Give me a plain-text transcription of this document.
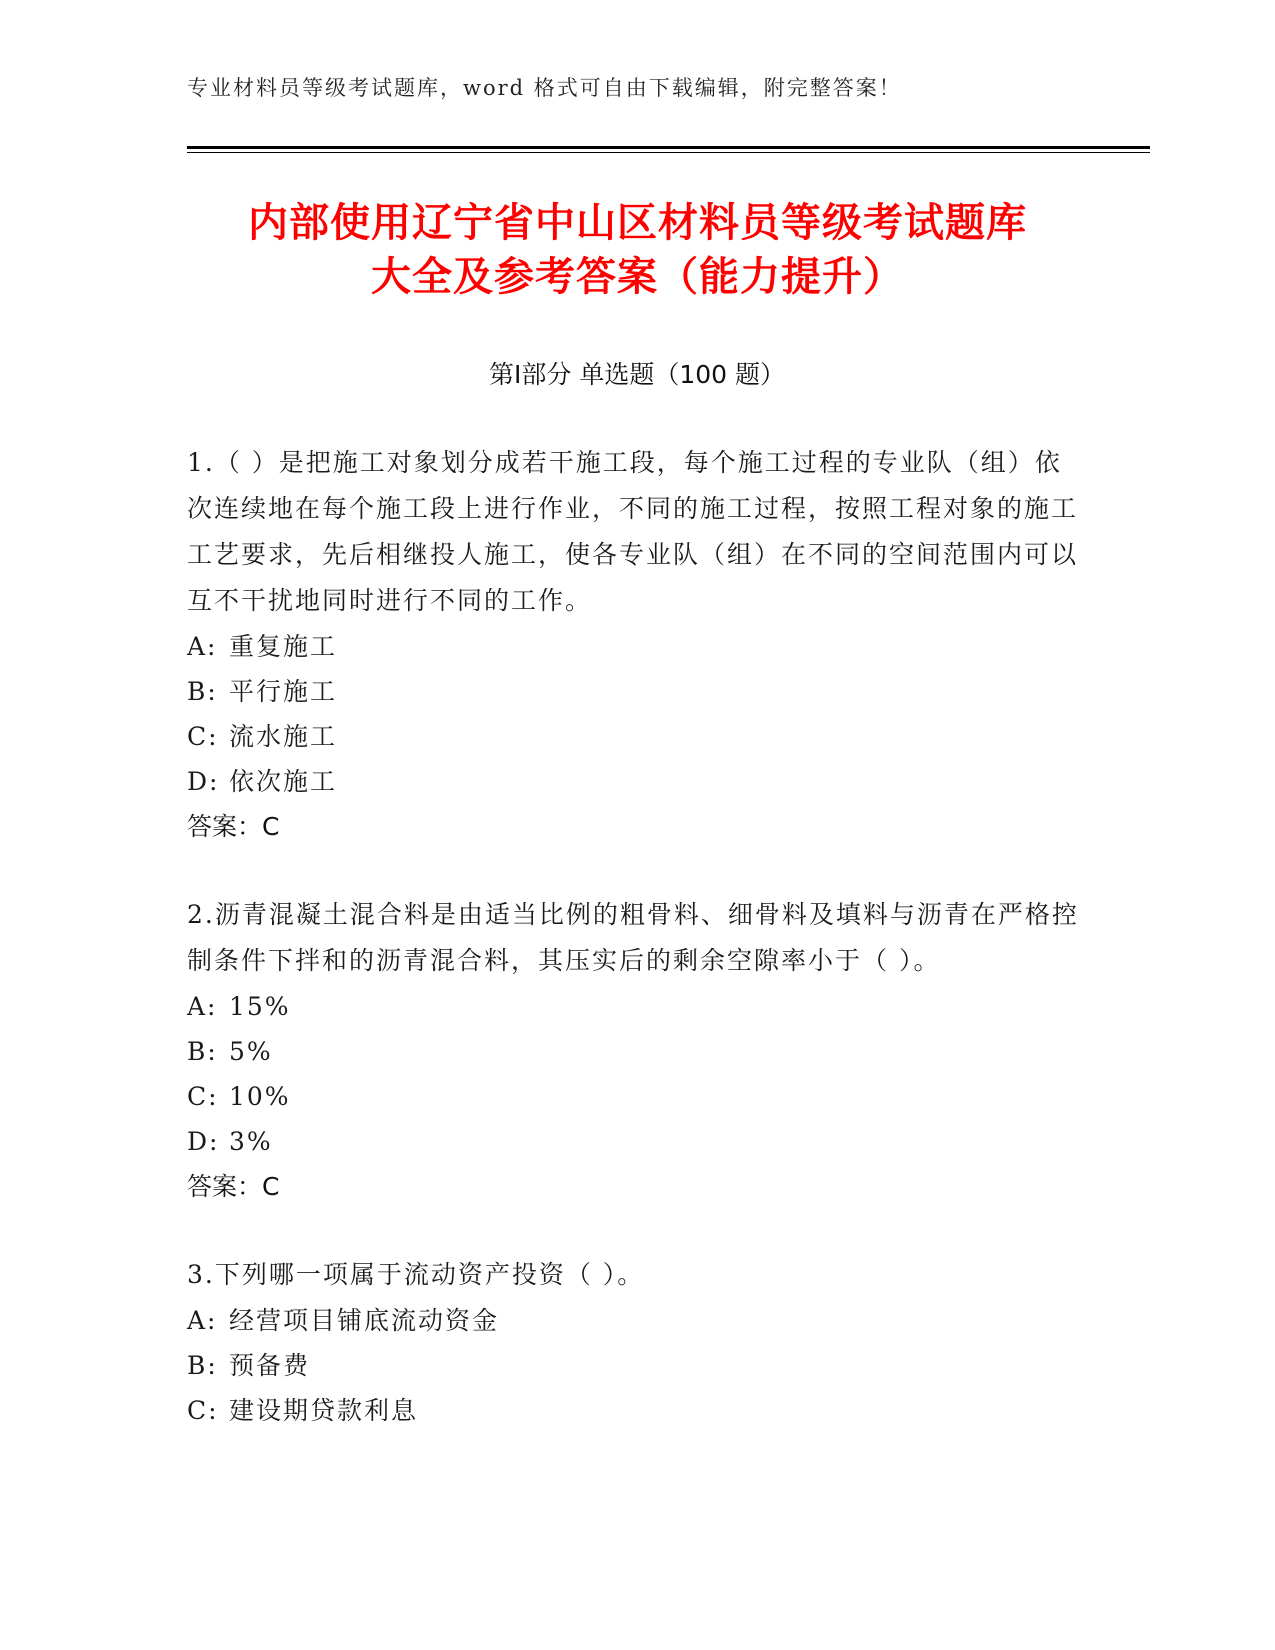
专业材料员等级考试题库，word 格式可自由下载编辑，附完整答案！
内部使用辽宁省中山区材料员等级考试题库
大全及参考答案（能力提升）
第Ⅰ部分 单选题（100 题）

1.（ ）是把施工对象划分成若干施工段，每个施工过程的专业队（组）依次连续地在每个施工段上进行作业，不同的施工过程，按照工程对象的施工工艺要求，先后相继投人施工，使各专业队（组）在不同的空间范围内可以互不干扰地同时进行不同的工作。

A: 重复施工

B: 平行施工

C: 流水施工

D: 依次施工

答案：C

2.沥青混凝土混合料是由适当比例的粗骨料、细骨料及填料与沥青在严格控制条件下拌和的沥青混合料，其压实后的剩余空隙率小于（ ）。

A: 15%

B: 5%

C: 10%

D: 3%

答案：C

3.下列哪一项属于流动资产投资（ ）。

A: 经营项目铺底流动资金

B: 预备费

C: 建设期贷款利息
